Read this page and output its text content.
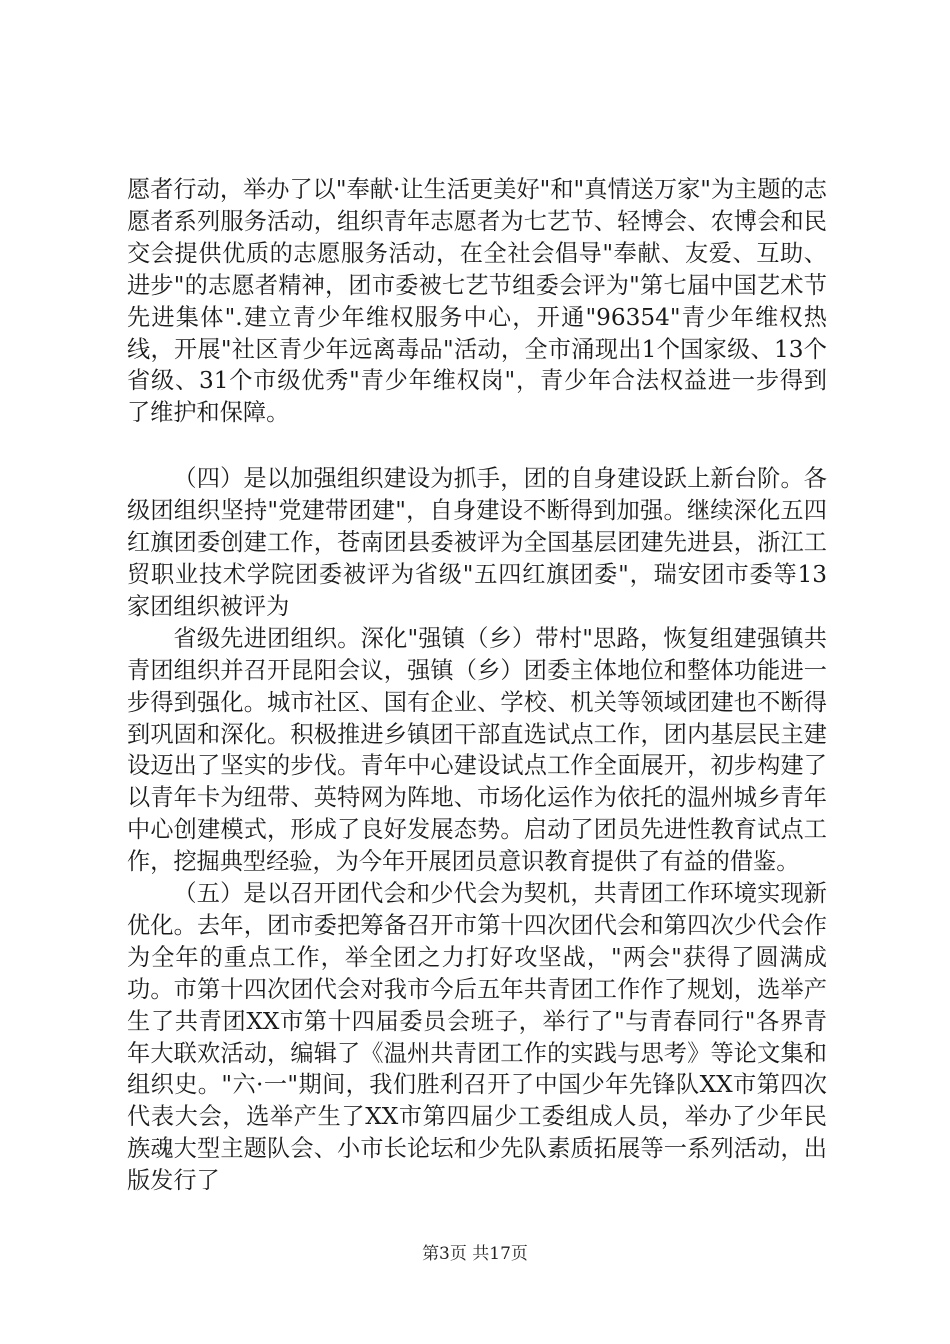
愿者行动，举办了以"奉献·让生活更美好"和"真情送万家"为主题的志愿者系列服务活动，组织青年志愿者为七艺节、轻博会、农博会和民交会提供优质的志愿服务活动，在全社会倡导"奉献、友爱、互助、进步"的志愿者精神，团市委被七艺节组委会评为"第七届中国艺术节先进集体".建立青少年维权服务中心，开通"96354"青少年维权热线，开展"社区青少年远离毒品"活动，全市涌现出1个国家级、13个省级、31个市级优秀"青少年维权岗"，青少年合法权益进一步得到了维护和保障。

（四）是以加强组织建设为抓手，团的自身建设跃上新台阶。各级团组织坚持"党建带团建"，自身建设不断得到加强。继续深化五四红旗团委创建工作，苍南团县委被评为全国基层团建先进县，浙江工贸职业技术学院团委被评为省级"五四红旗团委"，瑞安团市委等13家团组织被评为

省级先进团组织。深化"强镇（乡）带村"思路，恢复组建强镇共青团组织并召开昆阳会议，强镇（乡）团委主体地位和整体功能进一步得到强化。城市社区、国有企业、学校、机关等领域团建也不断得到巩固和深化。积极推进乡镇团干部直选试点工作，团内基层民主建设迈出了坚实的步伐。青年中心建设试点工作全面展开，初步构建了以青年卡为纽带、英特网为阵地、市场化运作为依托的温州城乡青年中心创建模式，形成了良好发展态势。启动了团员先进性教育试点工作，挖掘典型经验，为今年开展团员意识教育提供了有益的借鉴。

（五）是以召开团代会和少代会为契机，共青团工作环境实现新优化。去年，团市委把筹备召开市第十四次团代会和第四次少代会作为全年的重点工作，举全团之力打好攻坚战，"两会"获得了圆满成功。市第十四次团代会对我市今后五年共青团工作作了规划，选举产生了共青团XX市第十四届委员会班子，举行了"与青春同行"各界青年大联欢活动，编辑了《温州共青团工作的实践与思考》等论文集和组织史。"六·一"期间，我们胜利召开了中国少年先锋队XX市第四次代表大会，选举产生了XX市第四届少工委组成人员，举办了少年民族魂大型主题队会、小市长论坛和少先队素质拓展等一系列活动，出版发行了

第3页 共17页
